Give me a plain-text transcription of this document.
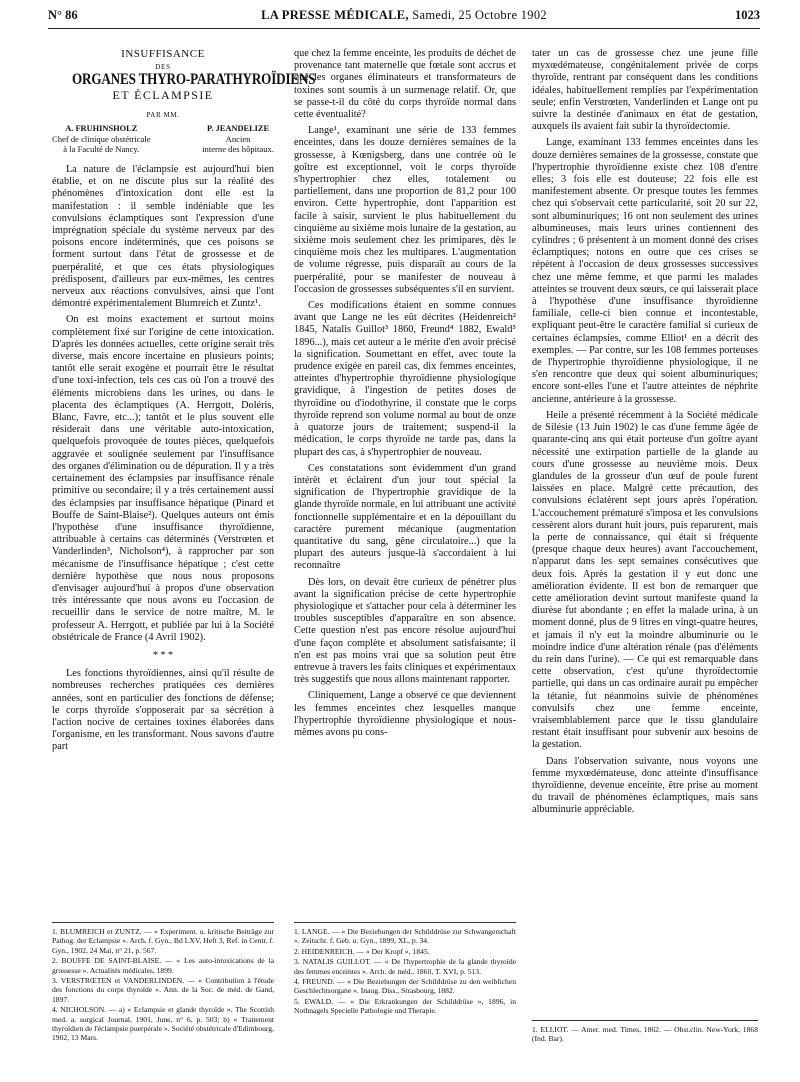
N° 86	LA PRESSE MÉDICALE, Samedi, 25 Octobre 1902	1023
INSUFFISANCE
DES
ORGANES THYRO-PARATHYROÏDIENS
ET ÉCLAMPSIE
PAR MM.
A. FRUHINSHOLZ
Chef de clinique obstétricale
à la Faculté de Nancy.
P. JEANDELIZE
Ancien
interne des hôpitaux.

La nature de l'éclampsie est aujourd'hui bien établie, et on ne discute plus sur la réalité des phénomènes d'intoxication dont elle est la manifestation : il semble indéniable que les convulsions éclamptiques sont l'expression d'une imprégnation spéciale du système nerveux par des poisons encore indéterminés, que ces poisons se forment surtout dans l'état de grossesse et de puerpéralité, et que ces états physiologiques prédisposent, d'ailleurs par eux-mêmes, les centres nerveux aux réactions convulsives, ainsi que l'ont démontré expérimentalement Blumreich et Zuntz¹.

On est moins exactement et surtout moins complètement fixé sur l'origine de cette intoxication. D'après les données actuelles, cette origine serait très diverse, mais encore incertaine en plusieurs points; tantôt elle serait exogène et pourrait être le résultat d'une toxi-infection, tels ces cas où l'on a trouvé des éléments microbiens dans les urines, ou dans le placenta des éclamptiques (A. Herrgott, Doléris, Blanc, Favre, etc...); tantôt et le plus souvent elle résiderait dans une véritable auto-intoxication, quelquefois provoquée de toutes pièces, quelquefois aggravée et soulignée seulement par l'insuffisance des organes d'élimination ou de dépuration. Il y a très certainement des éclampsies par insuffisance rénale primitive ou secondaire; il y a très certainement aussi des éclampsies par insuffisance hépatique (Pinard et Bouffe de Saint-Blaise²). Quelques auteurs ont émis l'hypothèse d'une insuffisance thyroïdienne, attribuable à certains cas déterminés (Verstrœten et Vanderlinden³, Nicholson⁴), à rapprocher par son mécanisme de l'insuffisance hépatique ; c'est cette dernière hypothèse que nous nous proposons d'envisager aujourd'hui à propos d'une observation très intéressante que nous avons eu l'occasion de recueillir dans le service de notre maître, M. le professeur A. Herrgott, et publiée par lui à la Société obstétricale de France (4 Avril 1902).

* * *

Les fonctions thyroïdiennes, ainsi qu'il résulte de nombreuses recherches pratiquées ces dernières années, sont en particulier des fonctions de défense; le corps thyroïde s'opposerait par sa sécrétion à l'action nocive de certaines toxines élaborées dans l'organisme, en les transformant. Nous savons d'autre part

que chez la femme enceinte, les produits de déchet de provenance tant maternelle que fœtale sont accrus et que les organes éliminateurs et transformateurs de toxines sont soumis à un surmenage relatif. Or, que se passe-t-il du côté du corps thyroïde normal dans cette éventualité?

Lange¹, examinant une série de 133 femmes enceintes, dans les douze dernières semaines de la grossesse, à Kœnigsberg, dans une contrée où le goître est exceptionnel, voit le corps thyroïde s'hypertrophier chez elles, totalement ou partiellement, dans une proportion de 81,2 pour 100 environ. Cette hypertrophie, dont l'apparition est facile à saisir, survient le plus habituellement du cinquième au sixième mois lunaire de la gestation, au sixième mois seulement chez les primipares, dès le cinquième mois chez les multipares. L'augmentation de volume régresse, puis disparaît au cours de la puerpéralité, pour se manifester de nouveau à l'occasion de grossesses subséquentes s'il en survient.

Ces modifications étaient en somme connues avant que Lange ne les eût décrites (Heidenreich² 1845, Natalis Guillot³ 1860, Freund⁴ 1882, Ewald⁵ 1896...), mais cet auteur a le mérite d'en avoir précisé la signification. Soumettant en effet, avec toute la prudence exigée en pareil cas, dix femmes enceintes, atteintes d'hypertrophie thyroïdienne physiologique gravidique, à l'ingestion de petites doses de thyroïdine ou d'iodothyrine, il constate que le corps thyroïde reprend son volume normal au bout de onze à quatorze jours de traitement; suspend-il la médication, le corps thyroïde ne tarde pas, dans la plupart des cas, à s'hypertrophier de nouveau.

Ces constatations sont évidemment d'un grand intérêt et éclairent d'un jour tout spécial la signification de l'hypertrophie gravidique de la glande thyroïde normale, en lui attribuant une activité fonctionnelle supplémentaire et en la dépouillant du caractère purement mécanique (augmentation quantitative du sang, gêne circulatoire...) que la plupart des auteurs jusque-là s'accordaient à lui reconnaître

Dès lors, on devait être curieux de pénétrer plus avant la signification précise de cette hypertrophie physiologique et s'attacher pour cela à déterminer les troubles susceptibles d'apparaître en son absence. Cette question n'est pas encore résolue aujourd'hui d'une façon complète et absolument satisfaisante; il n'en est pas moins vrai que sa solution peut être entrevue à travers les faits cliniques et expérimentaux très suggestifs que nous allons maintenant rapporter.

Cliniquement, Lange a observé ce que deviennent les femmes enceintes chez lesquelles manque l'hypertrophie thyroïdienne physiologique et nous-mêmes avons pu cons-

tater un cas de grossesse chez une jeune fille myxœdémateuse, congénitalement privée de corps thyroïde, rentrant par conséquent dans les conditions idéales, habituellement remplies par l'expérimentation seule; enfin Verstrœten, Vanderlinden et Lange ont pu suivre la destinée d'animaux en état de gestation, auxquels ils avaient fait subir la thyroïdectomie.

Lange, examinant 133 femmes enceintes dans les douze dernières semaines de la grossesse, constate que l'hypertrophie thyroïdienne existe chez 108 d'entre elles; 3 fois elle est douteuse; 22 fois elle est manifestement absente. Or presque toutes les femmes chez qui s'observait cette particularité, soit 20 sur 22, sont albuminuriques; 16 ont non seulement des urines albumineuses, mais leurs urines contiennent des cylindres ; 6 présentent à un moment donné des crises éclamptiques; notons en outre que ces crises se répètent à l'occasion de deux grossesses successives chez une même femme, et que parmi les malades atteintes se trouvent deux sœurs, ce qui laisserait place à l'hypothèse d'une insuffisance thyroïdienne familiale, celle-ci bien connue et incontestable, expliquant peut-être le caractère familial si curieux de certaines éclampsies, comme Elliot¹ en a décrit des exemples. — Par contre, sur les 108 femmes porteuses de l'hypertrophie thyroïdienne physiologique, il ne s'en rencontre que deux qui soient albuminuriques; encore sont-elles l'une et l'autre atteintes de néphrite ancienne, antérieure à la grossesse.

Heile a présenté récemment à la Société médicale de Silésie (13 Juin 1902) le cas d'une femme âgée de quarante-cinq ans qui était porteuse d'un goître ayant nécessité une extirpation partielle de la glande au cours d'une grossesse au neuvième mois. Deux glandules de la grosseur d'un œuf de poule furent laissées en place. Malgré cette précaution, des convulsions éclatèrent sept jours après l'opération. L'accouchement prématuré s'imposa et les convulsions cessèrent alors durant huit jours, puis reparurent, mais la perte de connaissance, qui était si fréquente (presque chaque deux heures) avant l'accouchement, n'apparut dans les sept semaines consécutives que deux fois. Après la gestation il y eut donc une amélioration évidente. Il est bon de remarquer que cette amélioration devint surtout manifeste quand la diurèse fut abondante ; en effet la malade urina, à un moment donné, plus de 9 litres en vingt-quatre heures, et jamais il n'y eut la moindre albuminurie ou le moindre indice d'une altération rénale (pas d'éléments du rein dans l'urine). — Ce qui est remarquable dans cette observation, c'est qu'une thyroïdectomie partielle, qui dans un cas ordinaire aurait pu empêcher la tétanie, fut néanmoins suivie de phénomènes convulsifs chez une femme enceinte, vraisemblablement parce que le tissu glandulaire restant était insuffisant pour subvenir aux besoins de la gestation.

Dans l'observation suivante, nous voyons une femme myxœdémateuse, donc atteinte d'insuffisance thyroïdienne, devenue enceinte, être prise au moment du travail de phénomènes éclamptiques, mais sans albuminurie appréciable.

1. BLUMREICH et ZUNTZ. — « Experiment. u. kritische Beiträge zur Pathog. der Eclampsie ». Arch. f. Gyn., Bd LXV, Heft 3, Ref. in Centr. f. Gyn., 1902, 24 Mai, n° 21, p. 567.
2. BOUFFE DE SAINT-BLAISE. — « Les auto-intoxications de la grossesse ». Actualités médicales, 1899.
3. VERSTRŒTEN et VANDERLINDEN. — « Contribution à l'étude des fonctions du corps thyroïde ». Ann. de la Soc. de méd. de Gand, 1897.
4. NICHOLSON. — a) « Eclampsie et glande thyroïde ». The Scottish med. a. surgical Journal, 1901, June, n° 6, p. 503; b) « Traitement thyroïdien de l'éclampsie puerpérale ». Société obstétricale d'Edimbourg, 1902, 13 Mars.
1. LANGE. — « Die Beziehungen der Schilddrüse zur Schwangerschaft ». Zeitschr. f. Geb. u. Gyn., 1899, XL, p. 34.
2. HEIDENREICH. — « Der Kropf », 1845.
3. NATALIS GUILLOT. — « De l'hypertrophie de la glande thyroïde des femmes enceintes ». Arch. de méd., 1860, T. XVI, p. 513.
4. FREUND. — « Die Beziehungen der Schilddrüse zu den weiblichen Geschlechtsorgane ». Inaug. Diss., Strasbourg, 1882.
5. EWALD. — « Die Erkrankungen der Schilddrüse », 1896, in Nothnagels Specielle Pathologie und Therapie.
1. ELLIOT. — Amer. med. Times, 1862. — Obst.clin. New-York, 1868 (Ind. Bar).
